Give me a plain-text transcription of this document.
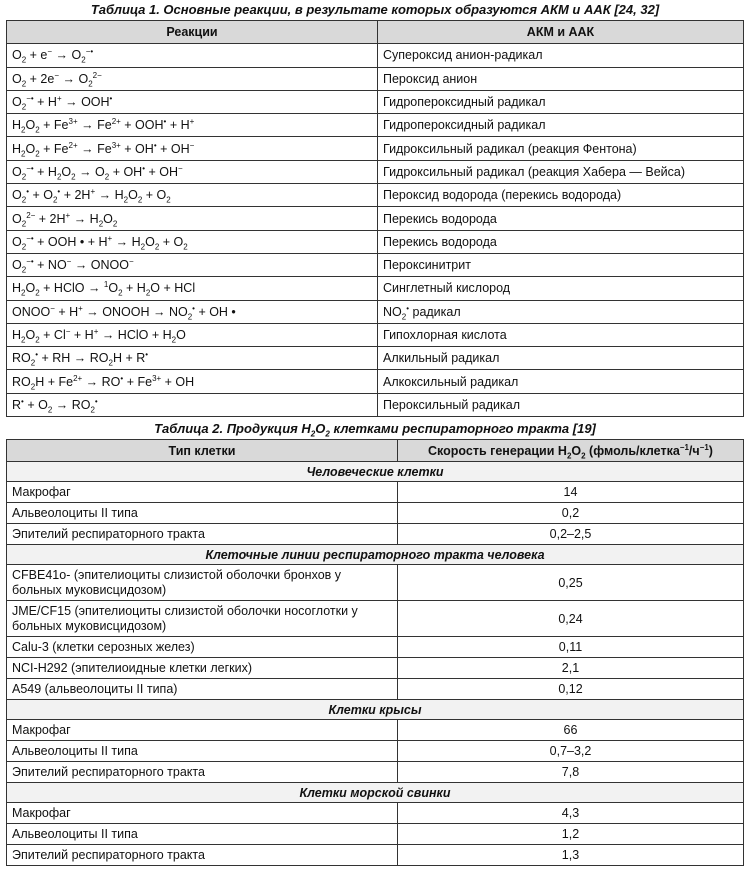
Таблица 1. Основные реакции, в результате которых образуются АКМ и ААК [24, 32]
Реакции	АКМ и ААК
$O_2 + e^- \to O_2^{-•}$	Супероксид анион-радикал
$O_2 + 2e^- \to O_2^{2-}$	Пероксид анион
$O_2^{-•} + H^+ \to OOH^•$	Гидропероксидный радикал
$H_2O_2 + Fe^{3+} \to Fe^{2+} + OOH^• + H^+$	Гидропероксидный радикал
$H_2O_2 + Fe^{2+} \to Fe^{3+} + OH^• + OH^-$	Гидроксильный радикал (реакция Фентона)
$O_2^{-•} + H_2O_2 \to O_2 + OH^• + OH^-$	Гидроксильный радикал (реакция Хабера — Вейса)
$O_2^• + O_2^• + 2H^+ \to H_2O_2 + O_2$	Пероксид водорода (перекись водорода)
$O_2^{2-} + 2H^+ \to H_2O_2$	Перекись водорода
$O_2^{-•}$ + OOH • + $H^+ \to H_2O_2 + O_2$	Перекись водорода
$O_2^{-•} + NO^-$ → ONOO−	Пероксинитрит
$H_2O_2$ + HClO → $^1O_2 + H_2O$ + HCl	Синглетный кислород
ONOO− + H+ → ONOOH → $NO_2^•$ + OH •	$NO_2^•$ радикал
$H_2O_2 + Cl^- + H^+$ → HClO + $H_2O$	Гипохлорная кислота
$RO_2^•$ + RH → $RO_2H + R^•$	Алкильный радикал
$RO_2H + Fe^{2+} \to RO^• + Fe^{3+}$ + OH	Алкоксильный радикал
$R^• + O_2 \to RO_2^•$	Пероксильный радикал
Таблица 2. Продукция $H_2O_2$ клетками респираторного тракта [19]
Тип клетки	Скорость генерации $H_2O_2$ $(фмоль/клетка^{-1}/ч^{-1})$
Человеческие клетки	
Макрофаг	14
Альвеолоциты II типа	0,2
Эпителий респираторного тракта	0,2–2,5
Клеточные линии респираторного тракта человека	
CFBE41o- (эпителиоциты слизистой оболочки бронхов у больных муковисцидозом)	0,25
JME/CF15 (эпителиоциты слизистой оболочки носоглотки у больных муковисцидозом)	0,24
Calu-3 (клетки серозных желез)	0,11
NCI-H292 (эпителиоидные клетки легких)	2,1
A549 (альвеолоциты II типа)	0,12
Клетки крысы	
Макрофаг	66
Альвеолоциты II типа	0,7–3,2
Эпителий респираторного тракта	7,8
Клетки морской свинки	
Макрофаг	4,3
Альвеолоциты II типа	1,2
Эпителий респираторного тракта	1,3
